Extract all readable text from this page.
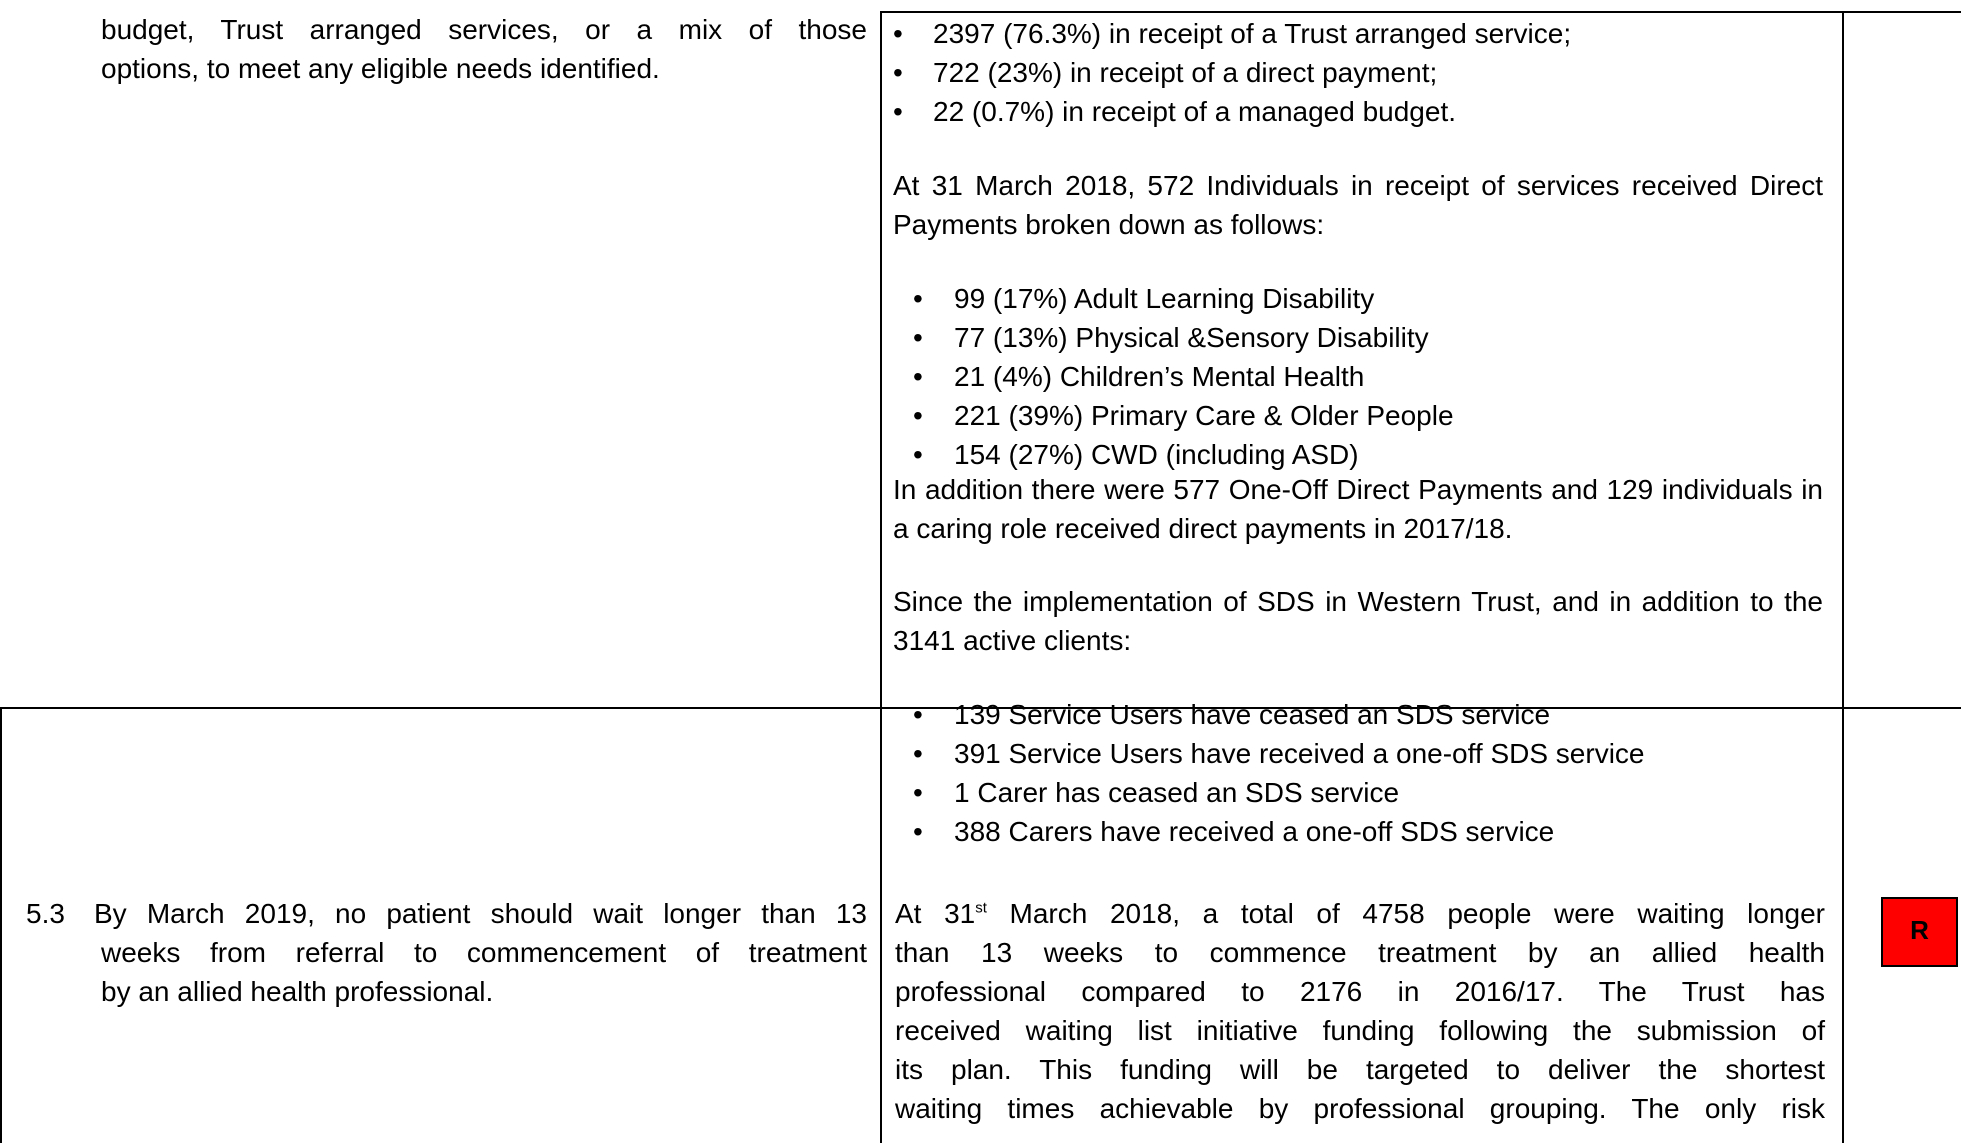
budget, Trust arranged services, or a mix of those
options, to meet any eligible needs identified.
• 2397 (76.3%) in receipt of a Trust arranged service;
• 722 (23%) in receipt of a direct payment;
• 22 (0.7%) in receipt of a managed budget.

At 31 March 2018, 572 Individuals in receipt of services received Direct Payments broken down as follows:

• 99 (17%) Adult Learning Disability
• 77 (13%) Physical &Sensory Disability
• 21 (4%) Children’s Mental Health
• 221 (39%) Primary Care & Older People
• 154 (27%) CWD (including ASD)

In addition there were 577 One-Off Direct Payments and 129 individuals in a caring role received direct payments in 2017/18.

Since the implementation of SDS in Western Trust, and in addition to the 3141 active clients:

• 139 Service Users have ceased an SDS service
• 391 Service Users have received a one-off SDS service
• 1 Carer has ceased an SDS service
• 388 Carers have received a one-off SDS service
5.3 By March 2019, no patient should wait longer than 13
weeks from referral to commencement of treatment
by an allied health professional.
At 31st March 2018, a total of 4758 people were waiting longer
than 13 weeks to commence treatment by an allied health
professional compared to 2176 in 2016/17. The Trust has
received waiting list initiative funding following the submission of
its plan. This funding will be targeted to deliver the shortest
waiting times achievable by professional grouping. The only risk
R
